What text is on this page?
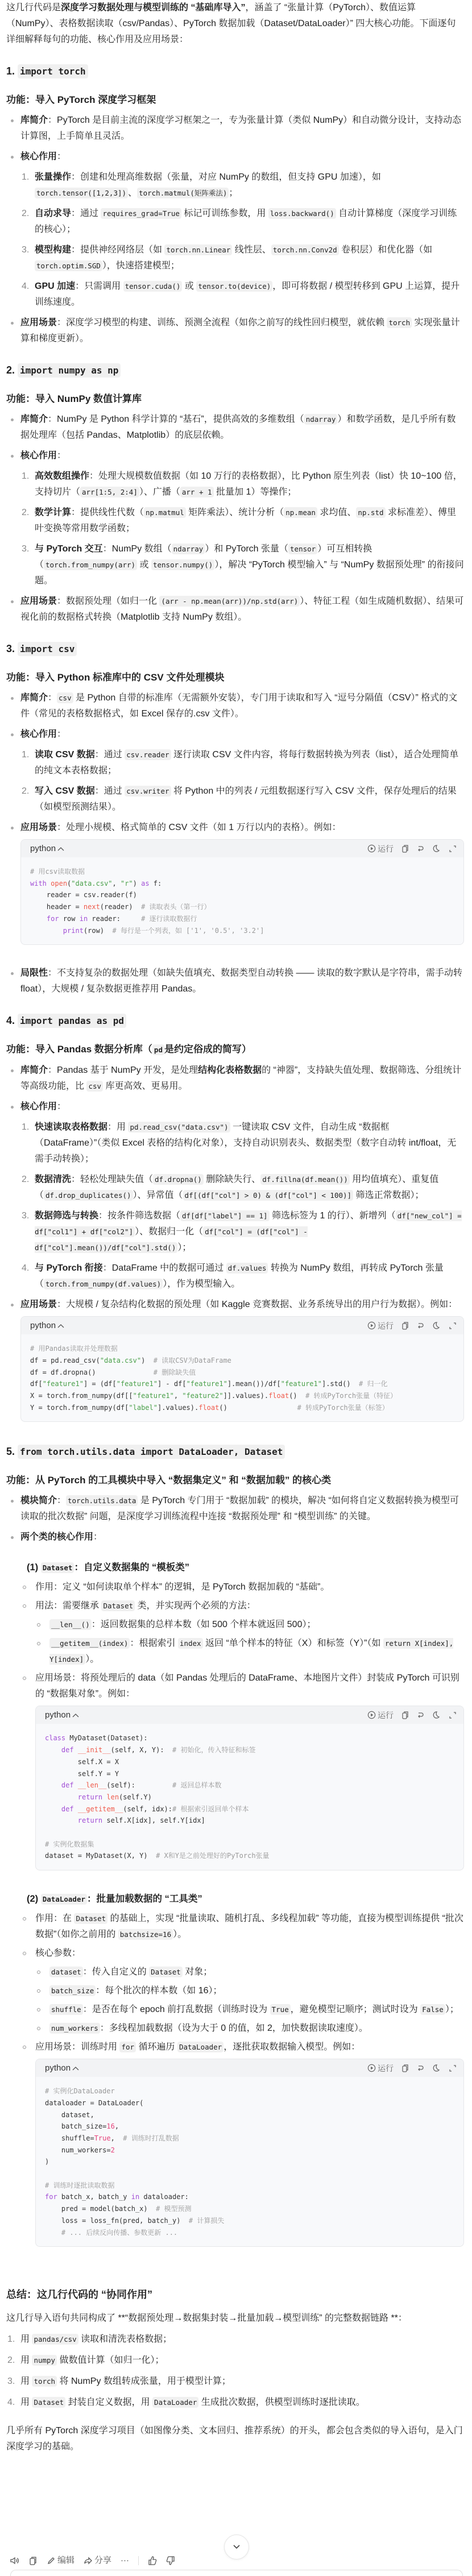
这几行代码是深度学习数据处理与模型训练的 “基础库导入”，涵盖了 “张量计算（PyTorch）、数值运算（NumPy）、表格数据读取（csv/Pandas）、PyTorch 数据加载（Dataset/DataLoader）” 四大核心功能。下面逐句详细解释每句的功能、核心作用及应用场景：

1. import torch
功能：导入 PyTorch 深度学习框架
库简介：PyTorch 是目前主流的深度学习框架之一，专为张量计算（类似 NumPy）和自动微分设计，支持动态计算图，上手简单且灵活。
核心作用：
张量操作：创建和处理高维数据（张量，对应 NumPy 的数组，但支持 GPU 加速），如 torch.tensor([1,2,3]) 、 torch.matmul(矩阵乘法) ；
自动求导：通过 requires_grad=True 标记可训练参数，用 loss.backward() 自动计算梯度（深度学习训练的核心）；
模型构建：提供神经网络层（如 torch.nn.Linear 线性层、 torch.nn.Conv2d 卷积层）和优化器（如 torch.optim.SGD ），快速搭建模型；
GPU 加速：只需调用 tensor.cuda() 或 tensor.to(device) ，即可将数据 / 模型转移到 GPU 上运算，提升训练速度。
应用场景：深度学习模型的构建、训练、预测全流程（如你之前写的线性回归模型，就依赖 torch 实现张量计算和梯度更新）。
2. import numpy as np
功能：导入 NumPy 数值计算库
库简介：NumPy 是 Python 科学计算的 “基石”，提供高效的多维数组（ ndarray ）和数学函数，是几乎所有数据处理库（包括 Pandas、Matplotlib）的底层依赖。
核心作用：
高效数组操作：处理大规模数值数据（如 10 万行的表格数据），比 Python 原生列表（list）快 10~100 倍，支持切片（ arr[1:5, 2:4] ）、广播（ arr + 1 批量加 1）等操作；
数学计算：提供线性代数（ np.matmul 矩阵乘法）、统计分析（ np.mean 求均值、 np.std 求标准差）、傅里叶变换等常用数学函数；
与 PyTorch 交互：NumPy 数组（ ndarray ）和 PyTorch 张量（ tensor ）可互相转换（ torch.from_numpy(arr) 或 tensor.numpy() ），解决 “PyTorch 模型输入” 与 “NumPy 数据预处理” 的衔接问题。
应用场景：数据预处理（如归一化 (arr - np.mean(arr))/np.std(arr) ）、特征工程（如生成随机数据）、结果可视化前的数据格式转换（Matplotlib 支持 NumPy 数组）。
3. import csv
功能：导入 Python 标准库中的 CSV 文件处理模块
库简介： csv 是 Python 自带的标准库（无需额外安装），专门用于读取和写入 “逗号分隔值（CSV）” 格式的文件（常见的表格数据格式，如 Excel 保存的.csv 文件）。
核心作用：
读取 CSV 数据：通过 csv.reader 逐行读取 CSV 文件内容，将每行数据转换为列表（list），适合处理简单的纯文本表格数据；
写入 CSV 数据：通过 csv.writer 将 Python 中的列表 / 元组数据逐行写入 CSV 文件，保存处理后的结果（如模型预测结果）。
应用场景：处理小规模、格式简单的 CSV 文件（如 1 万行以内的表格）。例如：
python	运行
# 用csv读取数据
with open("data.csv", "r") as f:
reader = csv.reader(f)
header = next(reader)  # 读取表头（第一行）
for row in reader:     # 逐行读取数据行
print(row)  # 每行是一个列表，如 ['1', '0.5', '3.2']
局限性：不支持复杂的数据处理（如缺失值填充、数据类型自动转换 —— 读取的数字默认是字符串，需手动转 float），大规模 / 复杂数据更推荐用 Pandas。
4. import pandas as pd
功能：导入 Pandas 数据分析库（ pd 是约定俗成的简写）
库简介：Pandas 基于 NumPy 开发，是处理结构化表格数据的 “神器”，支持缺失值处理、数据筛选、分组统计等高级功能，比 csv 库更高效、更易用。
核心作用：
快速读取表格数据：用 pd.read_csv("data.csv") 一键读取 CSV 文件，自动生成 “数据框（DataFrame）”（类似 Excel 表格的结构化对象），支持自动识别表头、数据类型（数字自动转 int/float，无需手动转换）；
数据清洗：轻松处理缺失值（ df.dropna() 删除缺失行、 df.fillna(df.mean()) 用均值填充）、重复值（ df.drop_duplicates() ）、异常值（ df[(df["col"] > 0) & (df["col"] < 100)] 筛选正常数据）；
数据筛选与转换：按条件筛选数据（ df[df["label"] == 1] 筛选标签为 1 的行）、新增列（ df["new_col"] = df["col1"] + df["col2"] ）、数据归一化（ df["col"] = (df["col"] - df["col"].mean())/df["col"].std() ）；
与 PyTorch 衔接：DataFrame 中的数据可通过 df.values 转换为 NumPy 数组，再转成 PyTorch 张量（ torch.from_numpy(df.values) ），作为模型输入。
应用场景：大规模 / 复杂结构化数据的预处理（如 Kaggle 竞赛数据、业务系统导出的用户行为数据）。例如：
python	运行
# 用Pandas读取并处理数据
df = pd.read_csv("data.csv")  # 读取CSV为DataFrame
df = df.dropna()              # 删除缺失值
df["feature1"] = (df["feature1"] - df["feature1"].mean())/df["feature1"].std()  # 归一化
X = torch.from_numpy(df[["feature1", "feature2"]].values).float()  # 转成PyTorch张量（特征）
Y = torch.from_numpy(df["label"].values).float()                 # 转成PyTorch张量（标签）
5. from torch.utils.data import DataLoader, Dataset
功能：从 PyTorch 的工具模块中导入 “数据集定义” 和 “数据加载” 的核心类
模块简介： torch.utils.data 是 PyTorch 专门用于 “数据加载” 的模块，解决 “如何将自定义数据转换为模型可读取的批次数据” 问题，是深度学习训练流程中连接 “数据预处理” 和 “模型训练” 的关键。
两个类的核心作用：
(1) Dataset ：自定义数据集的 “模板类”
作用：定义 “如何读取单个样本” 的逻辑，是 PyTorch 数据加载的 “基础”。
用法：需要继承 Dataset 类，并实现两个必须的方法：
__len__() ：返回数据集的总样本数（如 500 个样本就返回 500）；
__getitem__(index) ：根据索引 index 返回 “单个样本的特征（X）和标签（Y）”（如 return X[index], Y[index] ）。
应用场景：将预处理后的 data（如 Pandas 处理后的 DataFrame、本地图片文件）封装成 PyTorch 可识别的 “数据集对象”。例如：
python	运行
class MyDataset(Dataset):
def __init__(self, X, Y):  # 初始化，传入特征和标签
self.X = X
self.Y = Y
def __len__(self):         # 返回总样本数
return len(self.Y)
def __getitem__(self, idx):# 根据索引返回单个样本
return self.X[idx], self.Y[idx]
# 实例化数据集
dataset = MyDataset(X, Y)  # X和Y是之前处理好的PyTorch张量
(2) DataLoader ：批量加载数据的 “工具类”
作用：在 Dataset 的基础上，实现 “批量读取、随机打乱、多线程加载” 等功能，直接为模型训练提供 “批次数据”（如你之前用的 batchsize=16 ）。
核心参数：
dataset ：传入自定义的 Dataset 对象；
batch_size ：每个批次的样本数（如 16）；
shuffle ：是否在每个 epoch 前打乱数据（训练时设为 True ，避免模型记顺序；测试时设为 False ）；
num_workers ：多线程加载数据（设为大于 0 的值，如 2，加快数据读取速度）。
应用场景：训练时用 for 循环遍历 DataLoader ，逐批获取数据输入模型。例如：
python	运行
# 实例化DataLoader
dataloader = DataLoader(
dataset,
batch_size=16,
shuffle=True,  # 训练时打乱数据
num_workers=2
)
# 训练时逐批读取数据
for batch_x, batch_y in dataloader:
pred = model(batch_x)  # 模型预测
loss = loss_fn(pred, batch_y)  # 计算损失
# ... 后续反向传播、参数更新 ...
总结：这几行代码的 “协同作用”

这几行导入语句共同构成了 **“数据预处理→数据集封装→批量加载→模型训练” 的完整数据链路 **：

用 pandas/csv 读取和清洗表格数据；
用 numpy 做数值计算（如归一化）；
用 torch 将 NumPy 数组转成张量，用于模型计算；
用 Dataset 封装自定义数据，用 DataLoader 生成批次数据，供模型训练时逐批读取。

几乎所有 PyTorch 深度学习项目（如图像分类、文本回归、推荐系统）的开头，都会包含类似的导入语句，是入门深度学习的基础。

编辑 分享 ···
